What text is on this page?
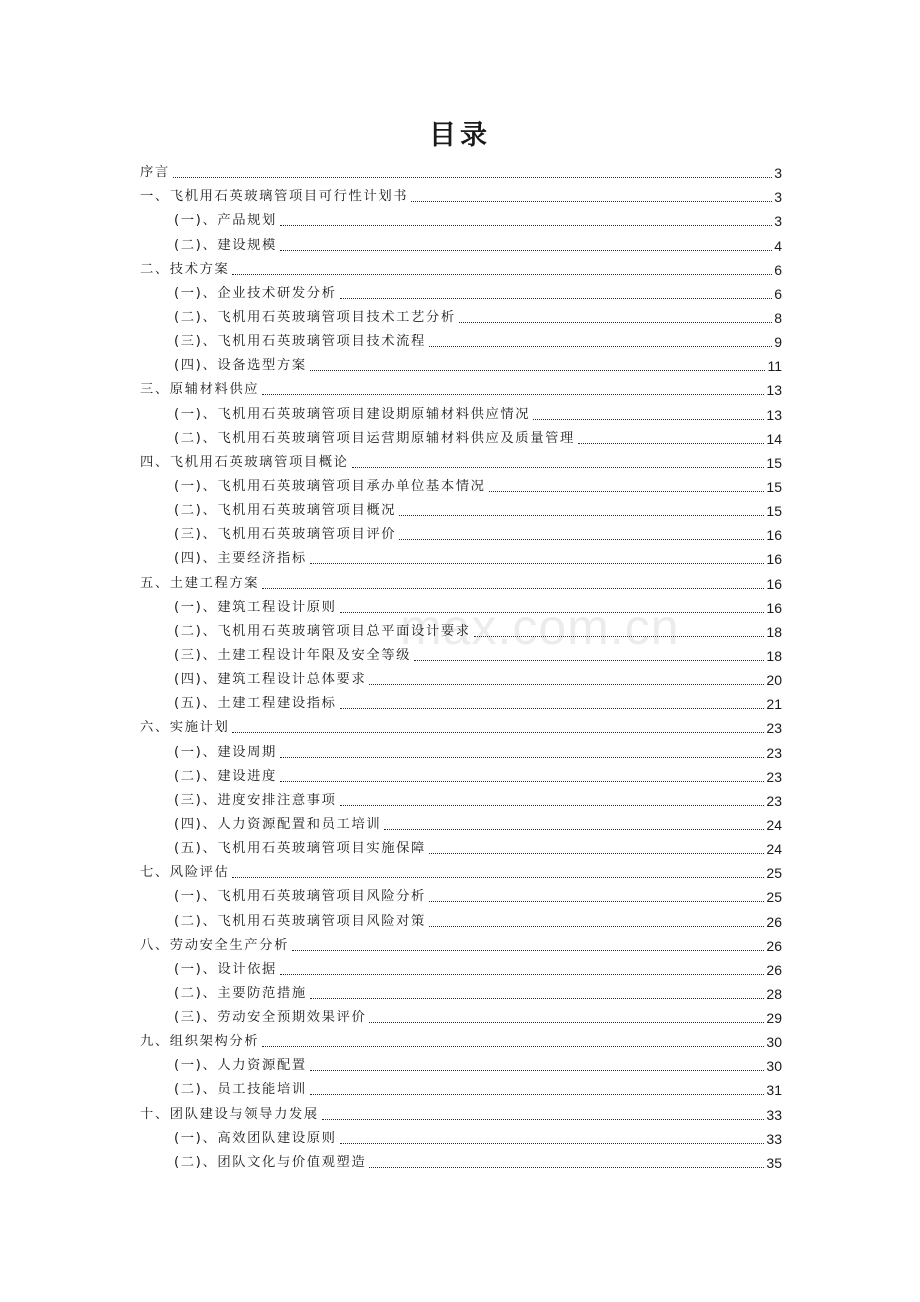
目录
max.com.cn
序言	3
一、飞机用石英玻璃管项目可行性计划书	3
(一)、产品规划	3
(二)、建设规模	4
二、技术方案	6
(一)、企业技术研发分析	6
(二)、飞机用石英玻璃管项目技术工艺分析	8
(三)、飞机用石英玻璃管项目技术流程	9
(四)、设备选型方案	11
三、原辅材料供应	13
(一)、飞机用石英玻璃管项目建设期原辅材料供应情况	13
(二)、飞机用石英玻璃管项目运营期原辅材料供应及质量管理	14
四、飞机用石英玻璃管项目概论	15
(一)、飞机用石英玻璃管项目承办单位基本情况	15
(二)、飞机用石英玻璃管项目概况	15
(三)、飞机用石英玻璃管项目评价	16
(四)、主要经济指标	16
五、土建工程方案	16
(一)、建筑工程设计原则	16
(二)、飞机用石英玻璃管项目总平面设计要求	18
(三)、土建工程设计年限及安全等级	18
(四)、建筑工程设计总体要求	20
(五)、土建工程建设指标	21
六、实施计划	23
(一)、建设周期	23
(二)、建设进度	23
(三)、进度安排注意事项	23
(四)、人力资源配置和员工培训	24
(五)、飞机用石英玻璃管项目实施保障	24
七、风险评估	25
(一)、飞机用石英玻璃管项目风险分析	25
(二)、飞机用石英玻璃管项目风险对策	26
八、劳动安全生产分析	26
(一)、设计依据	26
(二)、主要防范措施	28
(三)、劳动安全预期效果评价	29
九、组织架构分析	30
(一)、人力资源配置	30
(二)、员工技能培训	31
十、团队建设与领导力发展	33
(一)、高效团队建设原则	33
(二)、团队文化与价值观塑造	35
